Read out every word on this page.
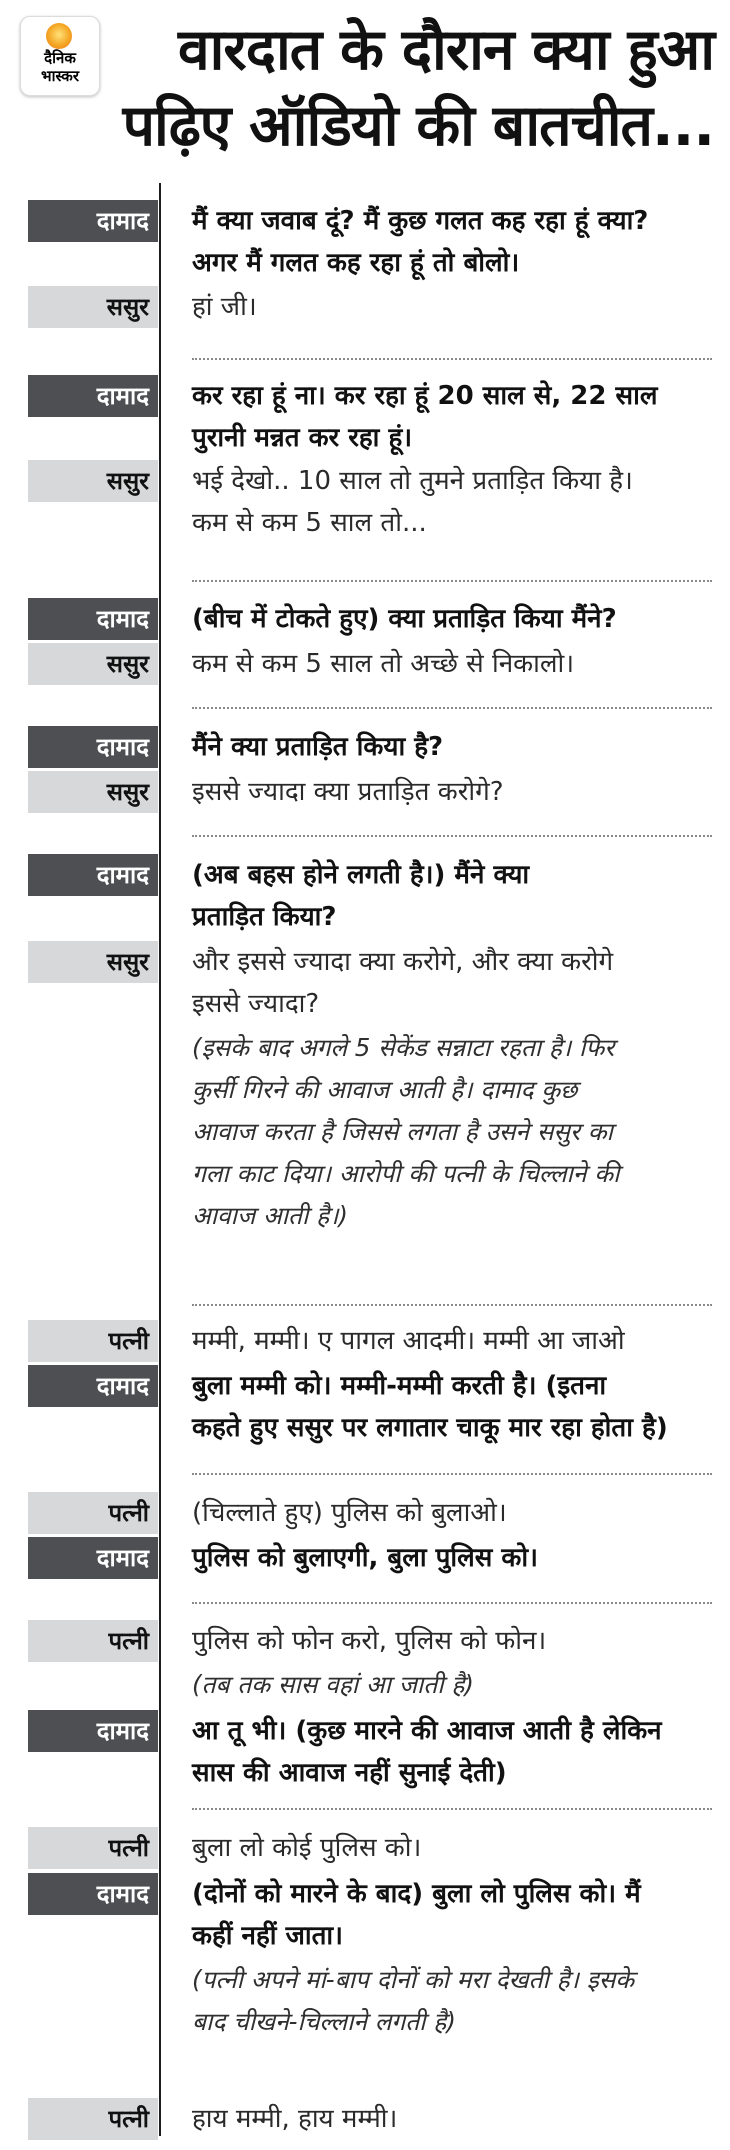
दैनिक
भास्कर	वारदात के दौरान क्या हुआ
पढ़िए ऑडियो की बातचीत...
दामाद	मैं क्या जवाब दूं? मैं कुछ गलत कह रहा हूं क्या?
अगर मैं गलत कह रहा हूं तो बोलो।
ससुर	हां जी।
दामाद	कर रहा हूं ना। कर रहा हूं 20 साल से, 22 साल
पुरानी मन्नत कर रहा हूं।
ससुर	भई देखो.. 10 साल तो तुमने प्रताड़ित किया है।
कम से कम 5 साल तो...
दामाद	(बीच में टोकते हुए) क्या प्रताड़ित किया मैंने?
ससुर	कम से कम 5 साल तो अच्छे से निकालो।
दामाद	मैंने क्या प्रताड़ित किया है?
ससुर	इससे ज्यादा क्या प्रताड़ित करोगे?
दामाद	(अब बहस होने लगती है।) मैंने क्या
प्रताड़ित किया?
ससुर	और इससे ज्यादा क्या करोगे, और क्या करोगे
इससे ज्यादा?
(इसके बाद अगले 5 सेकेंड सन्नाटा रहता है। फिर
कुर्सी गिरने की आवाज आती है। दामाद कुछ
आवाज करता है जिससे लगता है उसने ससुर का
गला काट दिया। आरोपी की पत्नी के चिल्लाने की
आवाज आती है।)
पत्नी	मम्मी, मम्मी। ए पागल आदमी। मम्मी आ जाओ
दामाद	बुला मम्मी को। मम्मी-मम्मी करती है। (इतना
कहते हुए ससुर पर लगातार चाकू मार रहा होता है)
पत्नी	(चिल्लाते हुए) पुलिस को बुलाओ।
दामाद	पुलिस को बुलाएगी, बुला पुलिस को।
पत्नी	पुलिस को फोन करो, पुलिस को फोन।
(तब तक सास वहां आ जाती है)
दामाद	आ तू भी। (कुछ मारने की आवाज आती है लेकिन
सास की आवाज नहीं सुनाई देती)
पत्नी	बुला लो कोई पुलिस को।
दामाद	(दोनों को मारने के बाद) बुला लो पुलिस को। मैं
कहीं नहीं जाता।
(पत्नी अपने मां-बाप दोनों को मरा देखती है। इसके
बाद चीखने-चिल्लाने लगती है)
पत्नी	हाय मम्मी, हाय मम्मी।
